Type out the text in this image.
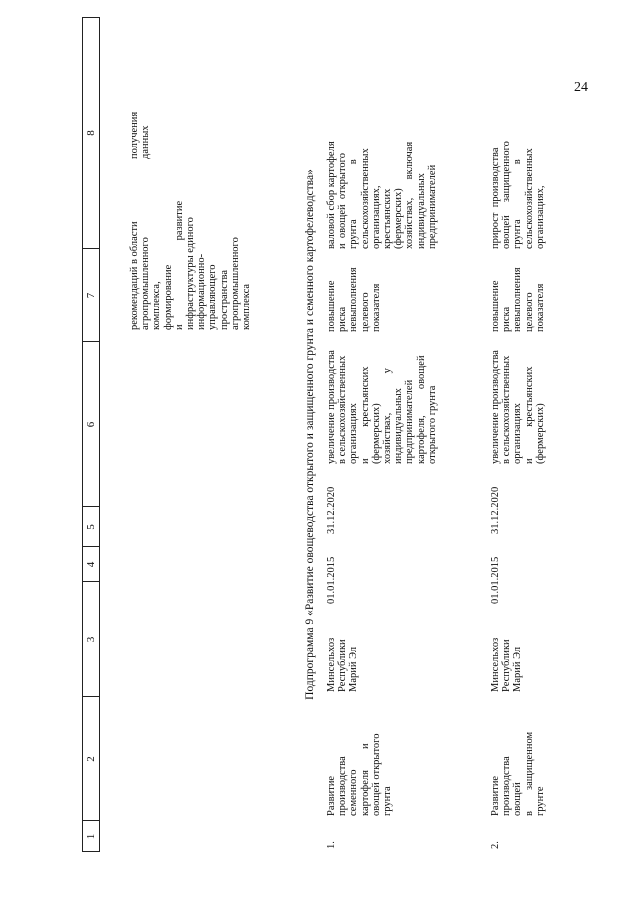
24
1
2
3
4
5
6
7
8
рекомендаций в области
агропромышленного
комплекса,
формирование
и                                развитие
инфраструктуры единого
информационно-
управляющего
пространства
агропромышленного
комплекса
получения
данных
Подпрограмма 9 «Развитие овощеводства открытого и защищенного грунта и семенного картофелеводства»
1.
Развитие
производства
семенного
картофеля        и
овощей открытого
грунта
Минсельхоз
Республики
Марий Эл
01.01.2015
31.12.2020
увеличение производства
в сельскохозяйственных
организациях
и            крестьянских
(фермерских)
хозяйствах,               у
индивидуальных
предпринимателей
картофеля,          овощей
открытого грунта
повышение
риска
невыполнения
целевого
показателя
валовой сбор картофеля
и  овощей  открытого
грунта                     в
сельскохозяйственных
организациях,
крестьянских
(фермерских)
хозяйствах,       включая
индивидуальных
предпринимателей
2.
Развитие
производства
овощей
в        защищенном
грунте
Минсельхоз
Республики
Марий Эл
01.01.2015
31.12.2020
увеличение производства
в сельскохозяйственных
организациях
и            крестьянских
(фермерских)
повышение
риска
невыполнения
целевого
показателя
прирост  производства
овощей     защищенного
грунта                     в
сельскохозяйственных
организациях,
